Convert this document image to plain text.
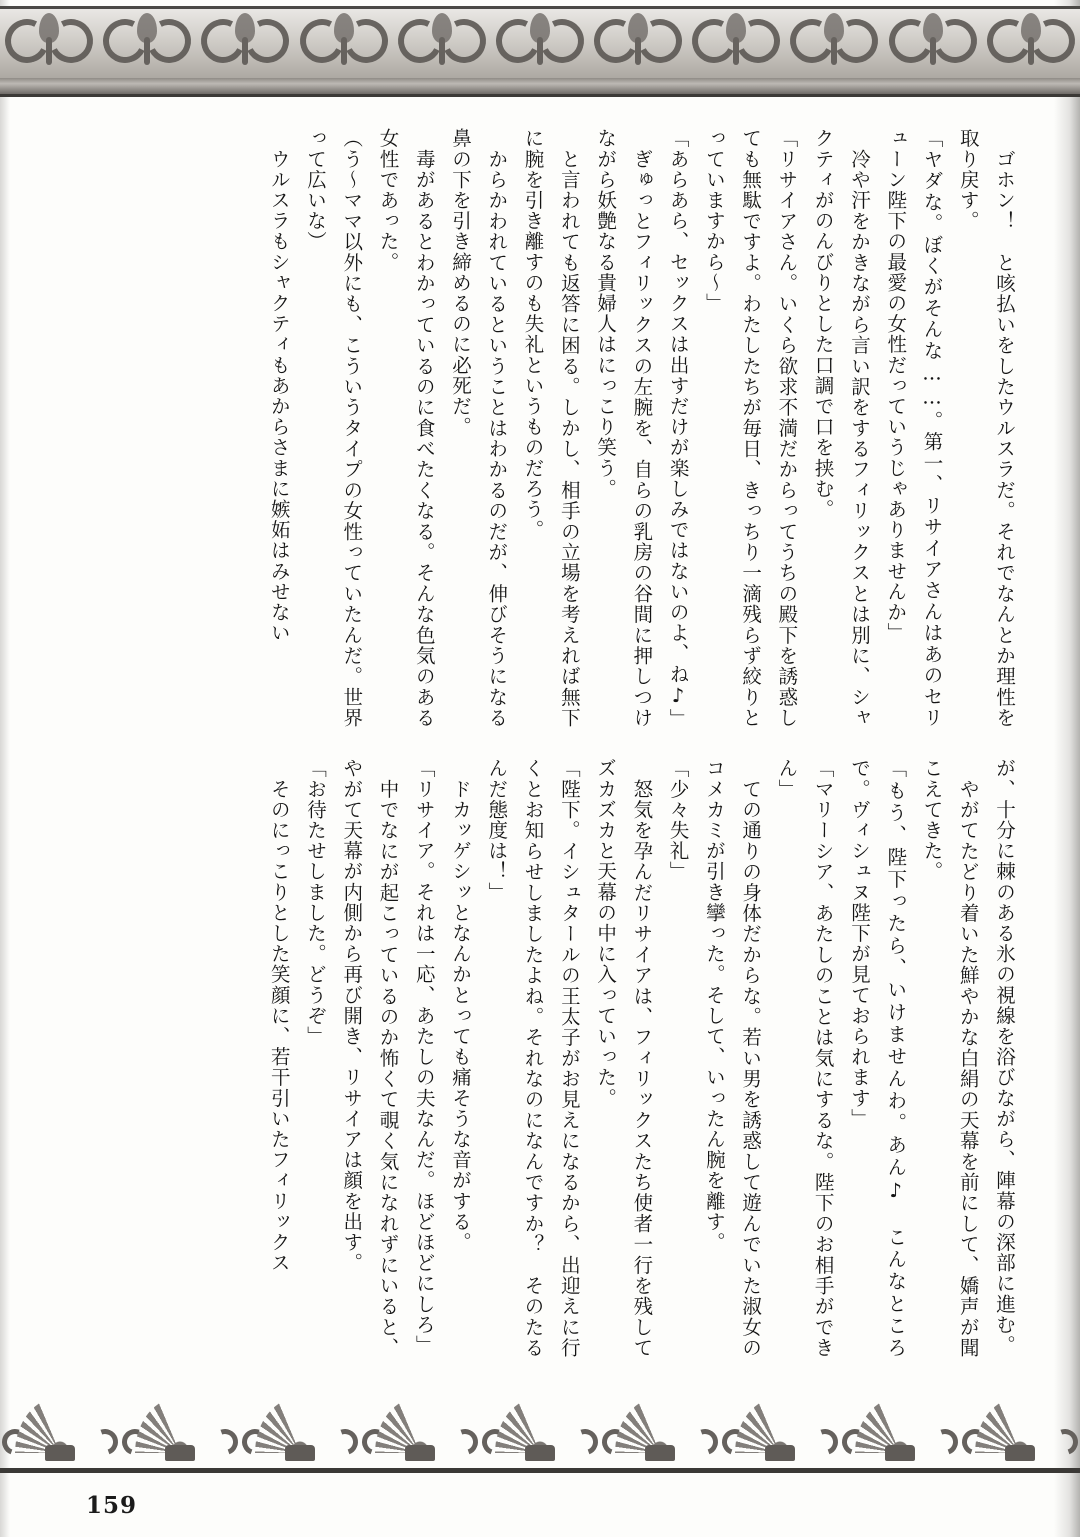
　ゴホン！　と咳払いをしたウルスラだ。それでなんとか理性を取り戻す。

「ヤダな。ぼくがそんな……。第一、リサイアさんはあのセリューン陛下の最愛の女性だっていうじゃありませんか」

　冷や汗をかきながら言い訳をするフィリックスとは別に、シャクティがのんびりとした口調で口を挟む。

「リサイアさん。いくら欲求不満だからってうちの殿下を誘惑しても無駄ですよ。わたしたちが毎日、きっちり一滴残らず絞りとっていますから〜」

「あらあら、セックスは出すだけが楽しみではないのよ、ね♪」

　ぎゅっとフィリックスの左腕を、自らの乳房の谷間に押しつけながら妖艶なる貴婦人はにっこり笑う。

　と言われても返答に困る。しかし、相手の立場を考えれば無下に腕を引き離すのも失礼というものだろう。

　からかわれているということはわかるのだが、伸びそうになる鼻の下を引き締めるのに必死だ。

　毒があるとわかっているのに食べたくなる。そんな色気のある女性であった。

（う〜ママ以外にも、こういうタイプの女性っていたんだ。世界って広いな）

　ウルスラもシャクティもあからさまに嫉妬はみせない

が、十分に棘のある氷の視線を浴びながら、陣幕の深部に進む。

　やがてたどり着いた鮮やかな白絹の天幕を前にして、嬌声が聞こえてきた。

「もう、陛下ったら、いけませんわ。あん♪　こんなところで。ヴィシュヌ陛下が見ておられます」

「マリーシア、あたしのことは気にするな。陛下のお相手ができん」

　ての通りの身体だからな。若い男を誘惑して遊んでいた淑女のコメカミが引き攣った。そして、いったん腕を離す。

「少々失礼」

　怒気を孕んだリサイアは、フィリックスたち使者一行を残してズカズカと天幕の中に入っていった。

「陛下。イシュタールの王太子がお見えになるから、出迎えに行くとお知らせしましたよね。それなのになんですか？　そのたるんだ態度は！」

　ドカッゲシッとなんかとっても痛そうな音がする。

「リサイア。それは一応、あたしの夫なんだ。ほどほどにしろ」

　中でなにが起こっているのか怖くて覗く気になれずにいると、やがて天幕が内側から再び開き、リサイアは顔を出す。

「お待たせしました。どうぞ」

　そのにっこりとした笑顔に、若干引いたフィリックス

159
